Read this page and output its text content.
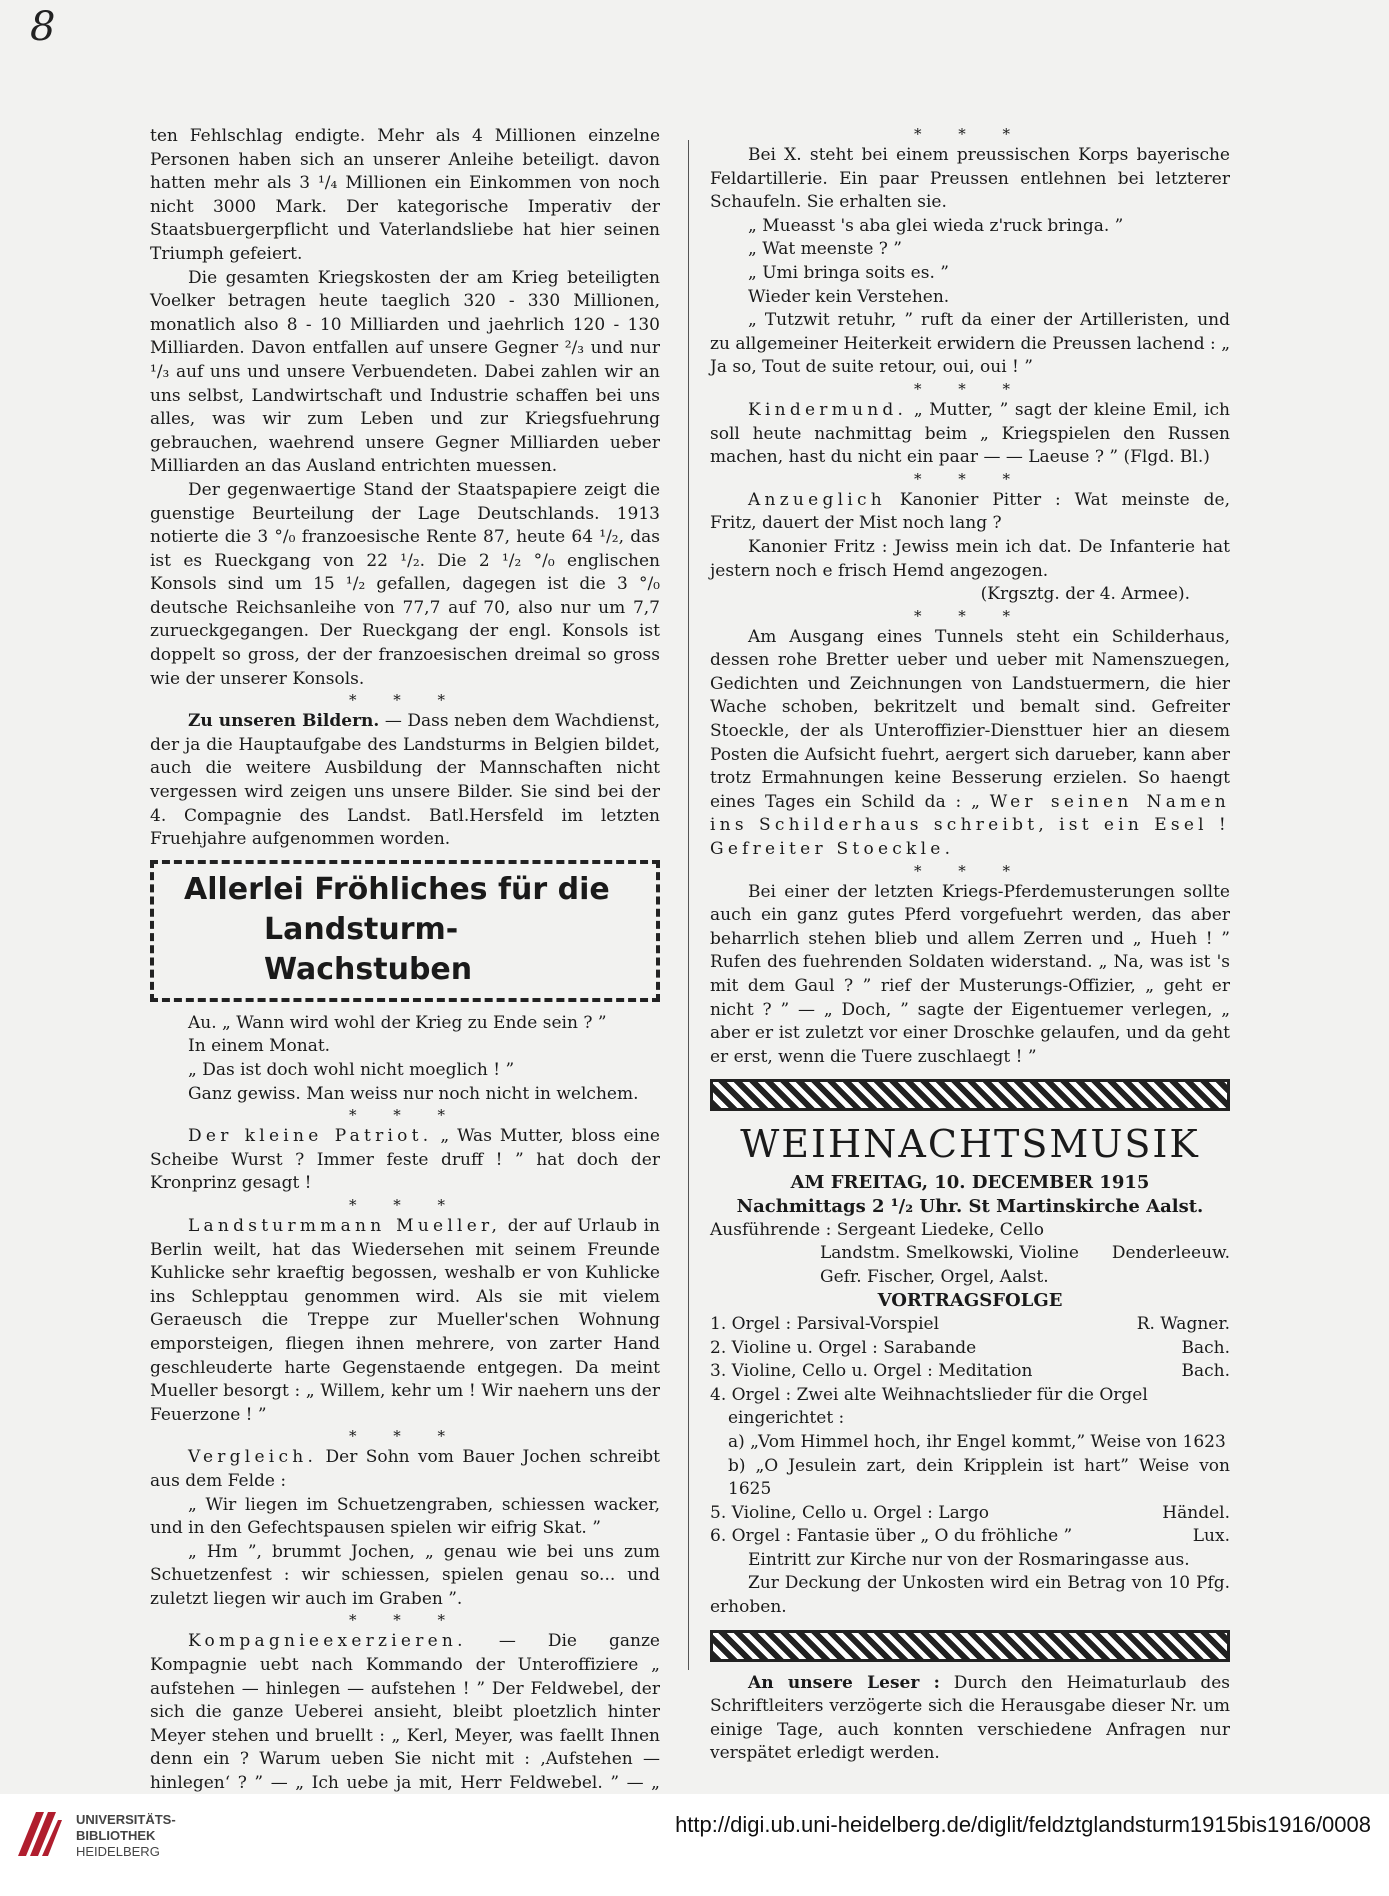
8

ten Fehlschlag endigte. Mehr als 4 Millionen einzelne Personen haben sich an unserer Anleihe beteiligt. davon hatten mehr als 3 ¹/₄ Millionen ein Einkommen von noch nicht 3000 Mark. Der kategorische Imperativ der Staatsbuergerpflicht und Vaterlandsliebe hat hier seinen Triumph gefeiert.

Die gesamten Kriegskosten der am Krieg beteiligten Voelker betragen heute taeglich 320 - 330 Millionen, monatlich also 8 - 10 Milliarden und jaehrlich 120 - 130 Milliarden. Davon entfallen auf unsere Gegner ²/₃ und nur ¹/₃ auf uns und unsere Verbuendeten. Dabei zahlen wir an uns selbst, Landwirtschaft und Industrie schaffen bei uns alles, was wir zum Leben und zur Kriegsfuehrung gebrauchen, waehrend unsere Gegner Milliarden ueber Milliarden an das Ausland entrichten muessen.

Der gegenwaertige Stand der Staatspapiere zeigt die guenstige Beurteilung der Lage Deutschlands. 1913 notierte die 3 °/₀ franzoesische Rente 87, heute 64 ¹/₂, das ist es Rueckgang von 22 ¹/₂. Die 2 ¹/₂ °/₀ englischen Konsols sind um 15 ¹/₂ gefallen, dagegen ist die 3 °/₀ deutsche Reichsanleihe von 77,7 auf 70, also nur um 7,7 zurueckgegangen. Der Rueckgang der engl. Konsols ist doppelt so gross, der der franzoesischen dreimal so gross wie der unserer Konsols.

* * *

Zu unseren Bildern. — Dass neben dem Wachdienst, der ja die Hauptaufgabe des Landsturms in Belgien bildet, auch die weitere Ausbildung der Mannschaften nicht vergessen wird zeigen uns unsere Bilder. Sie sind bei der 4. Compagnie des Landst. Batl.Hersfeld im letzten Fruehjahre aufgenommen worden.

Allerlei Fröhliches für die
Landsturm-Wachstuben

Au. „ Wann wird wohl der Krieg zu Ende sein ? ”

In einem Monat.

„ Das ist doch wohl nicht moeglich ! ”

Ganz gewiss. Man weiss nur noch nicht in welchem.

* * *

Der kleine Patriot. „ Was Mutter, bloss eine Scheibe Wurst ? Immer feste druff ! ” hat doch der Kronprinz gesagt !

* * *

Landsturmmann Mueller, der auf Urlaub in Berlin weilt, hat das Wiedersehen mit seinem Freunde Kuhlicke sehr kraeftig begossen, weshalb er von Kuhlicke ins Schlepptau genommen wird. Als sie mit vielem Geraeusch die Treppe zur Mueller'schen Wohnung emporsteigen, fliegen ihnen mehrere, von zarter Hand geschleuderte harte Gegenstaende entgegen. Da meint Mueller besorgt : „ Willem, kehr um ! Wir naehern uns der Feuerzone ! ”

* * *

Vergleich. Der Sohn vom Bauer Jochen schreibt aus dem Felde :

„ Wir liegen im Schuetzengraben, schiessen wacker, und in den Gefechtspausen spielen wir eifrig Skat. ”

„ Hm ”, brummt Jochen, „ genau wie bei uns zum Schuetzenfest : wir schiessen, spielen genau so... und zuletzt liegen wir auch im Graben ”.

* * *

Kompagnieexerzieren. — Die ganze Kompagnie uebt nach Kommando der Unteroffiziere „ aufstehen — hinlegen — aufstehen ! ” Der Feldwebel, der sich die ganze Ueberei ansieht, bleibt ploetzlich hinter Meyer stehen und bruellt : „ Kerl, Meyer, was faellt Ihnen denn ein ? Warum ueben Sie nicht mit : ‚Aufstehen — hinlegen‘ ? ” — „ Ich uebe ja mit, Herr Feldwebel. ” — „

* * *

Bei X. steht bei einem preussischen Korps bayerische Feldartillerie. Ein paar Preussen entlehnen bei letzterer Schaufeln. Sie erhalten sie.

„ Mueasst 's aba glei wieda z'ruck bringa. ”

„ Wat meenste ? ”

„ Umi bringa soits es. ”

Wieder kein Verstehen.

„ Tutzwit retuhr, ” ruft da einer der Artilleristen, und zu allgemeiner Heiterkeit erwidern die Preussen lachend : „ Ja so, Tout de suite retour, oui, oui ! ”

* * *

Kindermund. „ Mutter, ” sagt der kleine Emil, ich soll heute nachmittag beim „ Kriegspielen den Russen machen, hast du nicht ein paar — — Laeuse ? ” (Flgd. Bl.)

* * *

Anzueglich Kanonier Pitter : Wat meinste de, Fritz, dauert der Mist noch lang ?

Kanonier Fritz : Jewiss mein ich dat. De Infanterie hat jestern noch e frisch Hemd angezogen.

(Krgsztg. der 4. Armee).

* * *

Am Ausgang eines Tunnels steht ein Schilderhaus, dessen rohe Bretter ueber und ueber mit Namenszuegen, Gedichten und Zeichnungen von Landstuermern, die hier Wache schoben, bekritzelt und bemalt sind. Gefreiter Stoeckle, der als Unteroffizier-Diensttuer hier an diesem Posten die Aufsicht fuehrt, aergert sich darueber, kann aber trotz Ermahnungen keine Besserung erzielen. So haengt eines Tages ein Schild da : „ Wer seinen Namen ins Schilderhaus schreibt, ist ein Esel ! Gefreiter Stoeckle.

* * *

Bei einer der letzten Kriegs-Pferdemusterungen sollte auch ein ganz gutes Pferd vorgefuehrt werden, das aber beharrlich stehen blieb und allem Zerren und „ Hueh ! ” Rufen des fuehrenden Soldaten widerstand. „ Na, was ist 's mit dem Gaul ? ” rief der Musterungs-Offizier, „ geht er nicht ? ” — „ Doch, ” sagte der Eigentuemer verlegen, „ aber er ist zuletzt vor einer Droschke gelaufen, und da geht er erst, wenn die Tuere zuschlaegt ! ”

WEIHNACHTSMUSIK
AM FREITAG, 10. DECEMBER 1915
Nachmittags 2 ¹/₂ Uhr. St Martinskirche Aalst.
Ausführende : Sergeant Liedeke, Cello
Landstm. Smelkowski, Violine Denderleeuw.

Gefr. Fischer, Orgel, Aalst.

VORTRAGSFOLGE
1. Orgel : Parsival-Vorspiel	R. Wagner.
2. Violine u. Orgel : Sarabande	Bach.
3. Violine, Cello u. Orgel : Meditation	Bach.
4. Orgel : Zwei alte Weihnachtslieder für die Orgel
eingerichtet :
a) „Vom Himmel hoch, ihr Engel kommt,” Weise von 1623
b) „O Jesulein zart, dein Kripplein ist hart” Weise von 1625
5. Violine, Cello u. Orgel : Largo	Händel.
6. Orgel : Fantasie über „ O du fröhliche ”	Lux.

Eintritt zur Kirche nur von der Rosmaringasse aus.

Zur Deckung der Unkosten wird ein Betrag von 10 Pfg. erhoben.

An unsere Leser : Durch den Heimaturlaub des Schriftleiters verzögerte sich die Herausgabe dieser Nr. um einige Tage, auch konnten verschiedene Anfragen nur verspätet erledigt werden.

UNIVERSITÄTS-
BIBLIOTHEK
HEIDELBERG
http://digi.ub.uni-heidelberg.de/diglit/feldztglandsturm1915bis1916/0008
